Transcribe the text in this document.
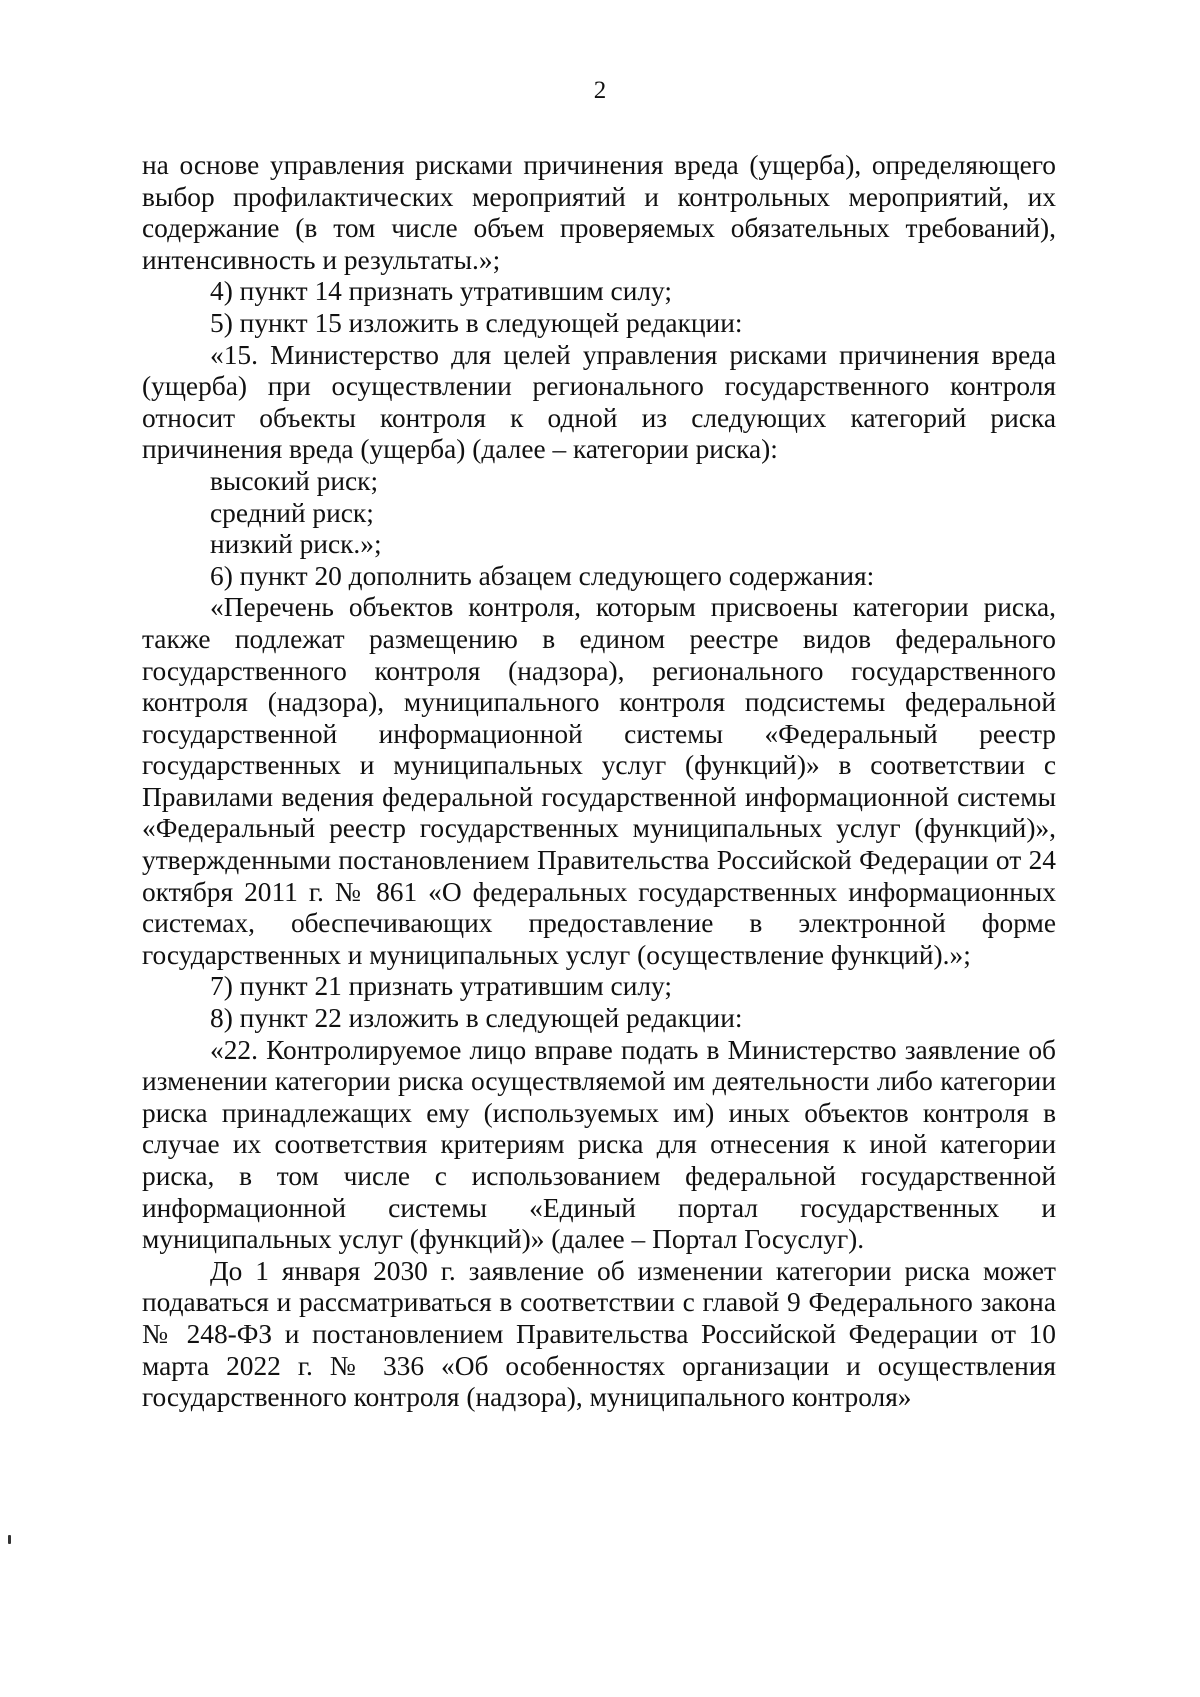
2

на основе управления рисками причинения вреда (ущерба), определяющего выбор профилактических мероприятий и контрольных мероприятий, их содержание (в том числе объем проверяемых обязательных требований), интенсивность и результаты.»;

4) пункт 14 признать утратившим силу;

5) пункт 15 изложить в следующей редакции:

«15. Министерство для целей управления рисками причинения вреда (ущерба) при осуществлении регионального государственного контроля относит объекты контроля к одной из следующих категорий риска причинения вреда (ущерба) (далее – категории риска):

высокий риск;

средний риск;

низкий риск.»;

6) пункт 20 дополнить абзацем следующего содержания:

«Перечень объектов контроля, которым присвоены категории риска, также подлежат размещению в едином реестре видов федерального государственного контроля (надзора), регионального государственного контроля (надзора), муниципального контроля подсистемы федеральной государственной информационной системы «Федеральный реестр государственных и муниципальных услуг (функций)» в соответствии с Правилами ведения федеральной государственной информационной системы «Федеральный реестр государственных муниципальных услуг (функций)», утвержденными постановлением Правительства Российской Федерации от 24 октября 2011 г. № 861 «О федеральных государственных информационных системах, обеспечивающих предоставление в электронной форме государственных и муниципальных услуг (осуществление функций).»;

7) пункт 21 признать утратившим силу;

8) пункт 22 изложить в следующей редакции:

«22. Контролируемое лицо вправе подать в Министерство заявление об изменении категории риска осуществляемой им деятельности либо категории риска принадлежащих ему (используемых им) иных объектов контроля в случае их соответствия критериям риска для отнесения к иной категории риска, в том числе с использованием федеральной государственной информационной системы «Единый портал государственных и муниципальных услуг (функций)» (далее – Портал Госуслуг).

До 1 января 2030 г. заявление об изменении категории риска может подаваться и рассматриваться в соответствии с главой 9 Федерального закона № 248-ФЗ и постановлением Правительства Российской Федерации от 10 марта 2022 г. № 336 «Об особенностях организации и осуществления государственного контроля (надзора), муниципального контроля»
